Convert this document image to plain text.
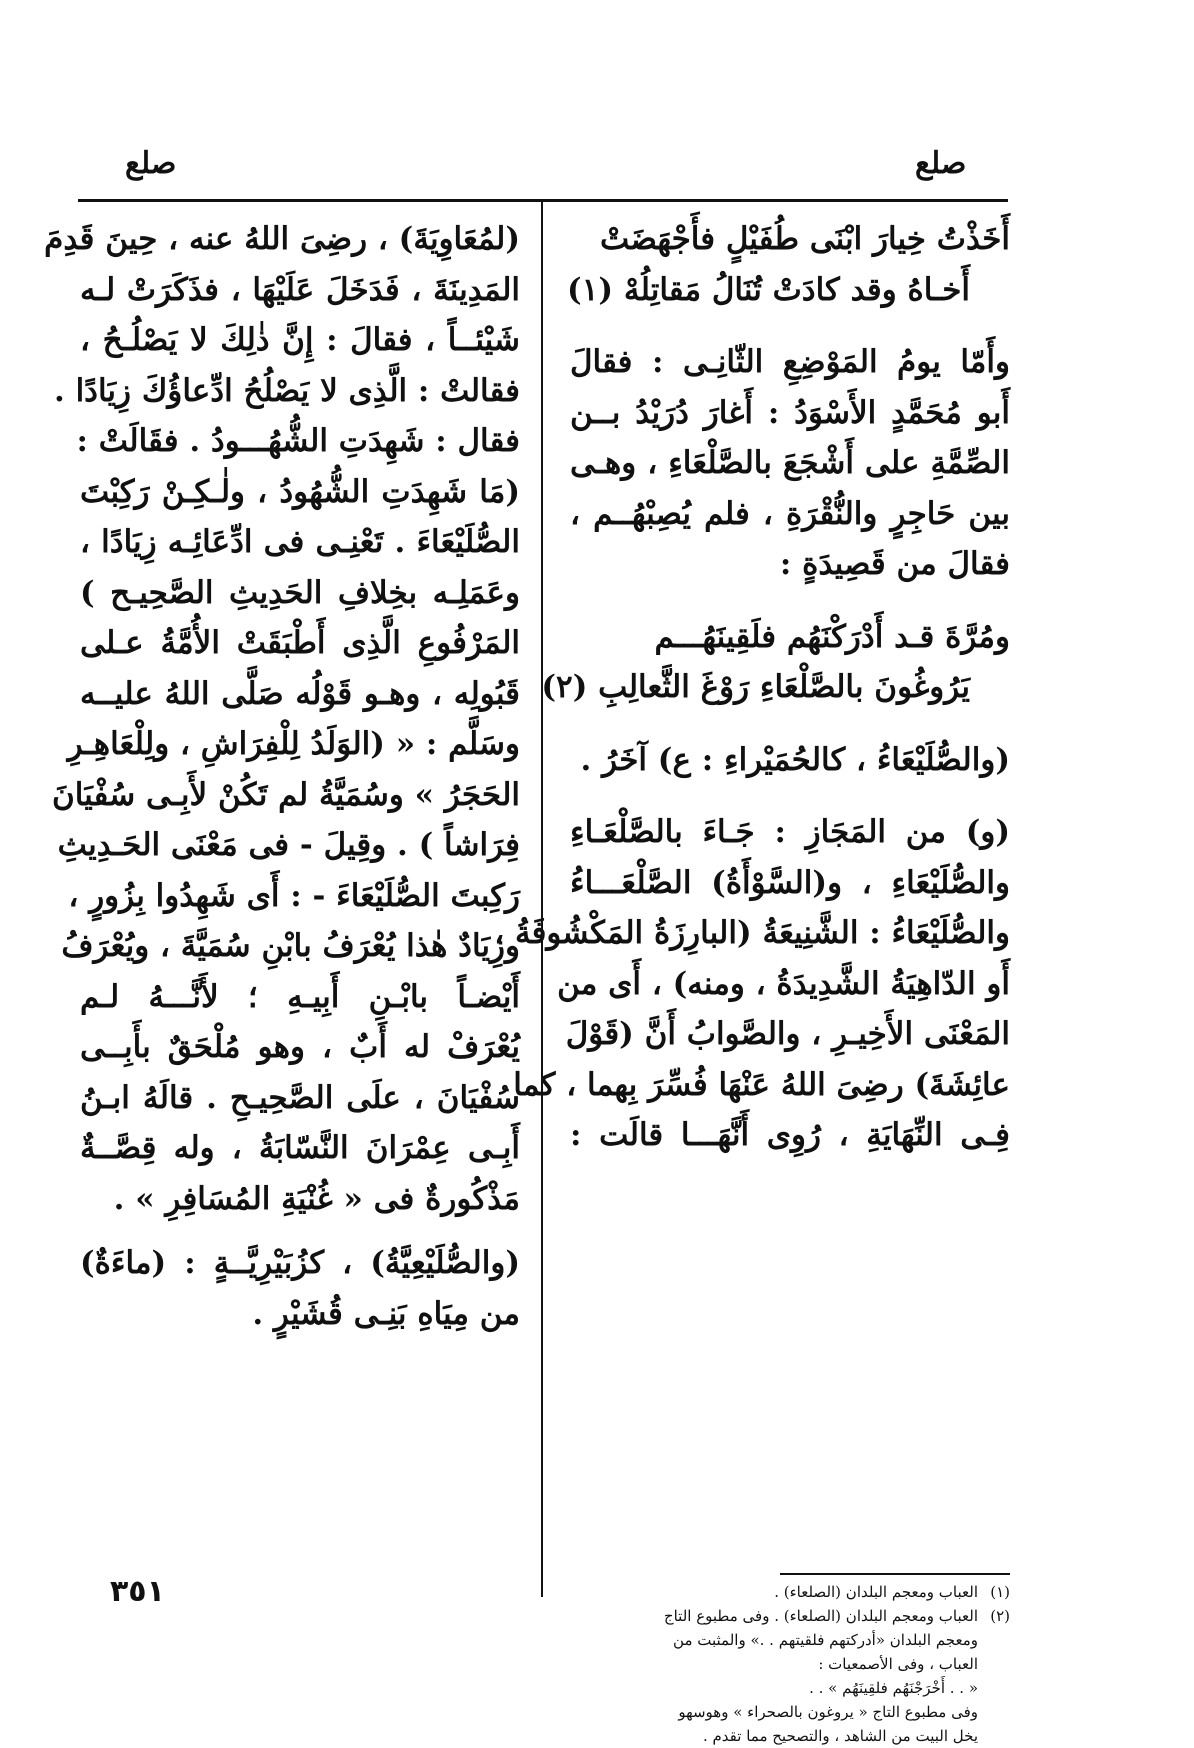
صلع
صلع
أَخَذْتُ خِيارَ ابْنَى طُفَيْلٍ فأَجْهَضَتْ
أَخـاهُ وقد كادَتْ تُنَالُ مَقاتِلُهْ (١)
وأَمّا يومُ المَوْضِعِ الثّانِـى : فقالَ
أَبو مُحَمَّدٍ الأَسْوَدُ : أَغارَ دُرَيْدُ بــن
الصِّمَّةِ على أَشْجَعَ بالصَّلْعَاءِ ، وهـى
بين حَاجِرٍ والنُّقْرَةِ ، فلم يُصِبْهُــم ،
فقالَ من قَصِيدَةٍ :
ومُرَّةَ قـد أَدْرَكْنَهُم فلَقِينَهُـــم
يَرُوغُونَ بالصَّلْعَاءِ رَوْغَ الثَّعالِبِ (٢)
(والصُّلَيْعَاءُ ، كالحُمَيْراءِ : ع) آخَرُ .
(و) من المَجَازِ : جَـاءَ بالصَّلْعَـاءِ
والصُّلَيْعَاءِ ، و(السَّوْأَةُ) الصَّلْعَـــاءُ
والصُّلَيْعَاءُ : الشَّنِيعَةُ (البارِزَةُ المَكْشُوفَةُ ،
أَو الدّاهِيَةُ الشَّدِيدَةُ ، ومنه) ، أَى من
المَعْنَى الأَخِيـرِ ، والصَّوابُ أَنَّ (قَوْلَ
عائِشَةَ) رضِىَ اللهُ عَنْهَا فُسِّرَ بِهما ، كما
فِـى النِّهَايَةِ ، رُوِى أَنَّهَـــا قالَت :
(لمُعَاوِيَةَ) ، رضِىَ اللهُ عنه ، حِينَ قَدِمَ
المَدِينَةَ ، فَدَخَلَ عَلَيْهَا ، فذَكَرَتْ لـه
شَيْئــاً ، فقالَ : إِنَّ ذٰلِكَ لا يَصْلُـحُ ،
فقالتْ : الَّذِى لا يَصْلُحُ ادِّعاؤُكَ زِيَادًا .
فقال : شَهِدَتِ الشُّهُـــودُ . فقَالَتْ :
(مَا شَهِدَتِ الشُّهُودُ ، ولٰـكِـنْ رَكِبْتَ
الصُّلَيْعَاءَ . تَعْنِـى فى ادِّعَائِـه زِيَادًا ،
وعَمَلِـه بخِلافِ الحَدِيثِ الصَّحِيـح )
المَرْفُوعِ الَّذِى أَطْبَقَتْ الأُمَّةُ عـلى
قَبُولِه ، وهـو قَوْلُه صَلَّى اللهُ عليــه
وسَلَّم : « (الوَلَدُ لِلْفِرَاشِ ، ولِلْعَاهِـرِ
الحَجَرُ » وسُمَيَّةُ لم تَكُنْ لأَبِـى سُفْيَانَ
فِرَاشاً ) . وقِيلَ - فى مَعْنَى الحَـدِيثِ
رَكِبتَ الصُّلَيْعَاءَ - : أَى شَهِدُوا بِزُورٍ ،
وزِيَادٌ هٰذا يُعْرَفُ بابْنِ سُمَيَّةَ ، ويُعْرَفُ
أَيْضـاً بابْـنِ أَبِيـهِ ؛ لأَنَّـــهُ لـم
يُعْرَفْ له أَبٌ ، وهو مُلْحَقٌ بأَبِــى
سُفْيَانَ ، علَى الصَّحِيـحِ . قالَهُ ابـنُ
أَبِـى عِمْرَانَ النَّسّابَةُ ، وله قِصَّــةٌ
مَذْكُورةٌ فى « غُنْيَةِ المُسَافِرِ » .
(والصُّلَيْعِيَّةُ) ، كزُبَيْرِيَّــةٍ : (ماءَةٌ)
من مِيَاهِ بَنِـى قُشَيْرٍ .
(١)العباب ومعجم البلدان (الصلعاء) .
(٢)العباب ومعجم البلدان (الصلعاء) . وفى مطبوع التاج
ومعجم البلدان «أدركتهم فلقيتهم . .» والمثبت من
العباب ، وفى الأصمعيات :
« . . أَخْرَجْنَهُم فلقِينَهُم » . .
وفى مطبوع التاج « يروغون بالصحراء » وهوسهو
يخل البيت من الشاهد ، والتصحيح مما تقدم .
٣٥١
